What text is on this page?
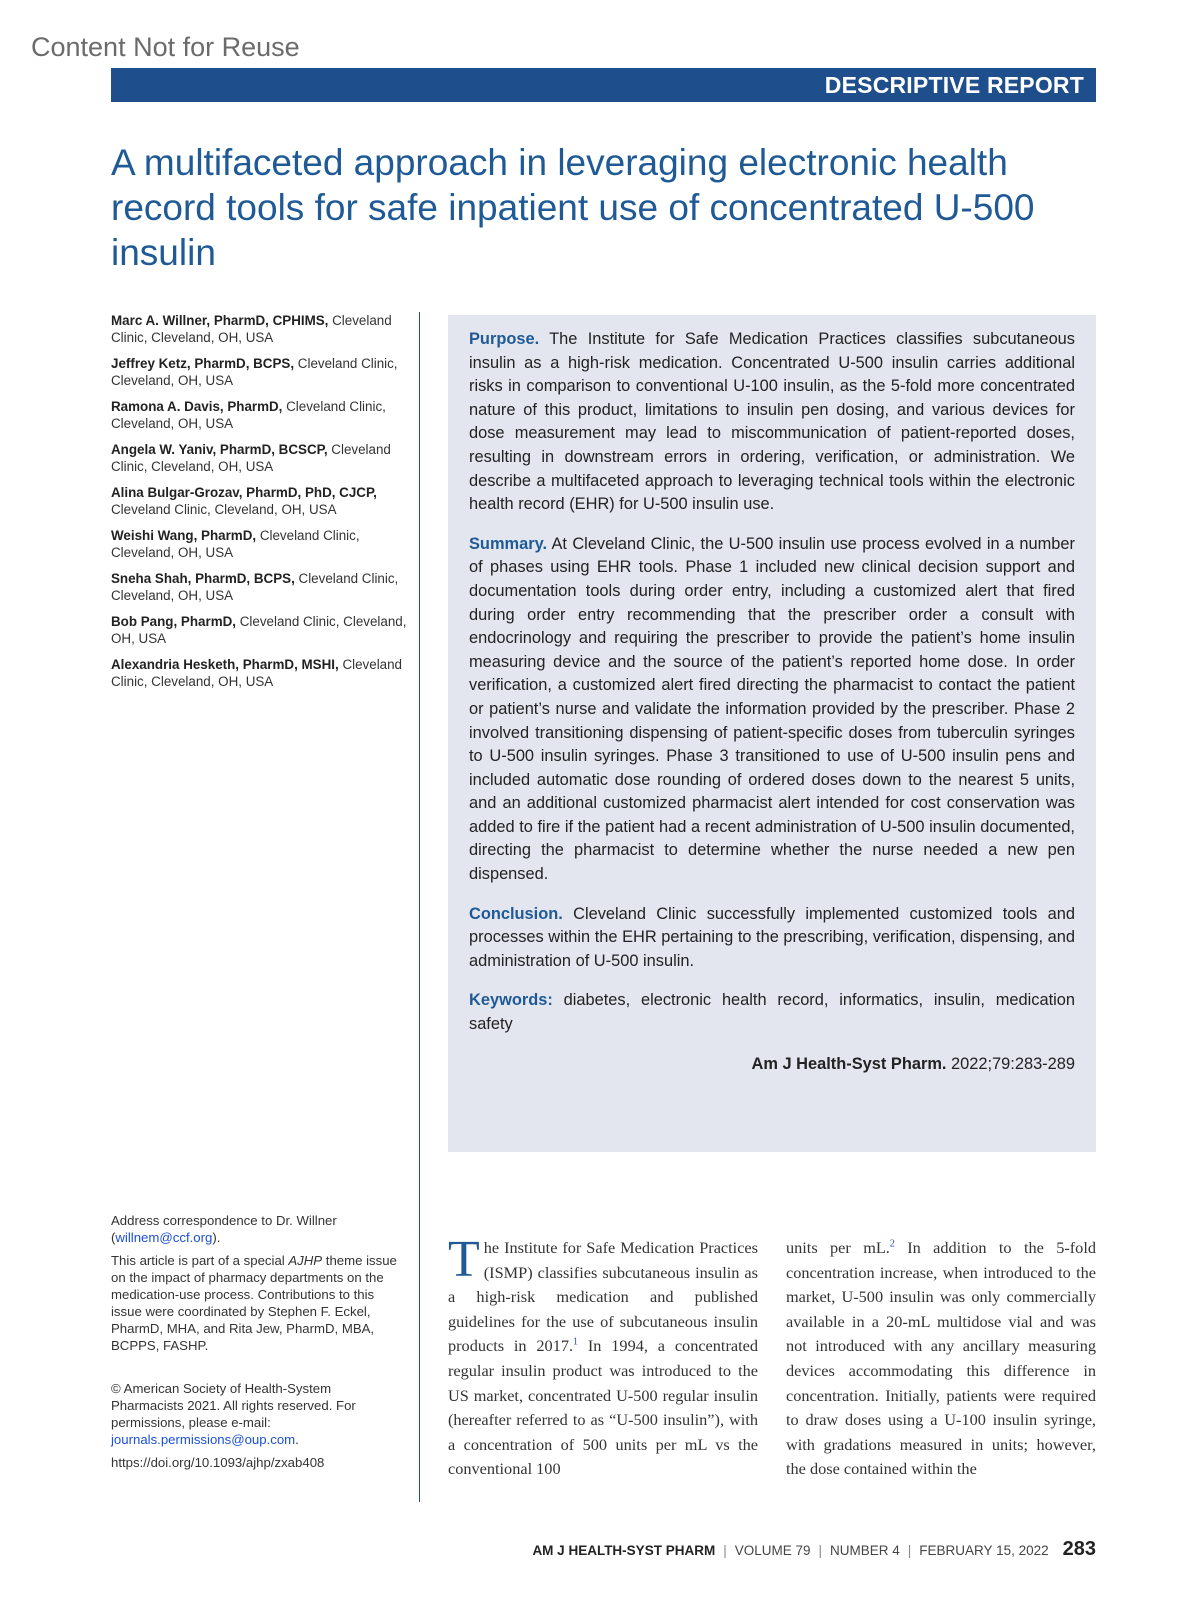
Content Not for Reuse
DESCRIPTIVE REPORT
A multifaceted approach in leveraging electronic health record tools for safe inpatient use of concentrated U-500 insulin

Marc A. Willner, PharmD, CPHIMS, Cleveland Clinic, Cleveland, OH, USA

Jeffrey Ketz, PharmD, BCPS, Cleveland Clinic, Cleveland, OH, USA

Ramona A. Davis, PharmD, Cleveland Clinic, Cleveland, OH, USA

Angela W. Yaniv, PharmD, BCSCP, Cleveland Clinic, Cleveland, OH, USA

Alina Bulgar-Grozav, PharmD, PhD, CJCP, Cleveland Clinic, Cleveland, OH, USA

Weishi Wang, PharmD, Cleveland Clinic, Cleveland, OH, USA

Sneha Shah, PharmD, BCPS, Cleveland Clinic, Cleveland, OH, USA

Bob Pang, PharmD, Cleveland Clinic, Cleveland, OH, USA

Alexandria Hesketh, PharmD, MSHI, Cleveland Clinic, Cleveland, OH, USA

Purpose. The Institute for Safe Medication Practices classifies subcutaneous insulin as a high-risk medication. Concentrated U-500 insulin carries additional risks in comparison to conventional U-100 insulin, as the 5-fold more concentrated nature of this product, limitations to insulin pen dosing, and various devices for dose measurement may lead to miscommunication of patient-reported doses, resulting in downstream errors in ordering, verification, or administration. We describe a multifaceted approach to leveraging technical tools within the electronic health record (EHR) for U-500 insulin use.

Summary. At Cleveland Clinic, the U-500 insulin use process evolved in a number of phases using EHR tools. Phase 1 included new clinical decision support and documentation tools during order entry, including a customized alert that fired during order entry recommending that the prescriber order a consult with endocrinology and requiring the prescriber to provide the patient’s home insulin measuring device and the source of the patient’s reported home dose. In order verification, a customized alert fired directing the pharmacist to contact the patient or patient’s nurse and validate the information provided by the prescriber. Phase 2 involved transitioning dispensing of patient-specific doses from tuberculin syringes to U-500 insulin syringes. Phase 3 transitioned to use of U-500 insulin pens and included automatic dose rounding of ordered doses down to the nearest 5 units, and an additional customized pharmacist alert intended for cost conservation was added to fire if the patient had a recent administration of U-500 insulin documented, directing the pharmacist to determine whether the nurse needed a new pen dispensed.

Conclusion. Cleveland Clinic successfully implemented customized tools and processes within the EHR pertaining to the prescribing, verification, dispensing, and administration of U-500 insulin.

Keywords: diabetes, electronic health record, informatics, insulin, medication safety

Am J Health-Syst Pharm. 2022;79:283-289

Address correspondence to Dr. Willner
(willnem@ccf.org).

This article is part of a special AJHP theme issue on the impact of pharmacy departments on the medication-use process. Contributions to this issue were coordinated by Stephen F. Eckel, PharmD, MHA, and Rita Jew, PharmD, MBA, BCPPS, FASHP.

© American Society of Health-System Pharmacists 2021. All rights reserved. For permissions, please e-mail: journals.permissions@oup.com.

https://doi.org/10.1093/ajhp/zxab408

The Institute for Safe Medication Practices (ISMP) classifies subcutaneous insulin as a high-risk medication and published guidelines for the use of subcutaneous insulin products in 2017.$^1$ In 1994, a concentrated regular insulin product was introduced to the US market, concentrated U-500 regular insulin (hereafter referred to as “U-500 insulin”), with a concentration of 500 units per mL vs the conventional 100

units per mL.$^2$ In addition to the 5-fold concentration increase, when introduced to the market, U-500 insulin was only commercially available in a 20-mL multidose vial and was not introduced with any ancillary measuring devices accommodating this difference in concentration. Initially, patients were required to draw doses using a U-100 insulin syringe, with gradations measured in units; however, the dose contained within the

AM J HEALTH-SYST PHARM | VOLUME 79 | NUMBER 4 | FEBRUARY 15, 2022 283
